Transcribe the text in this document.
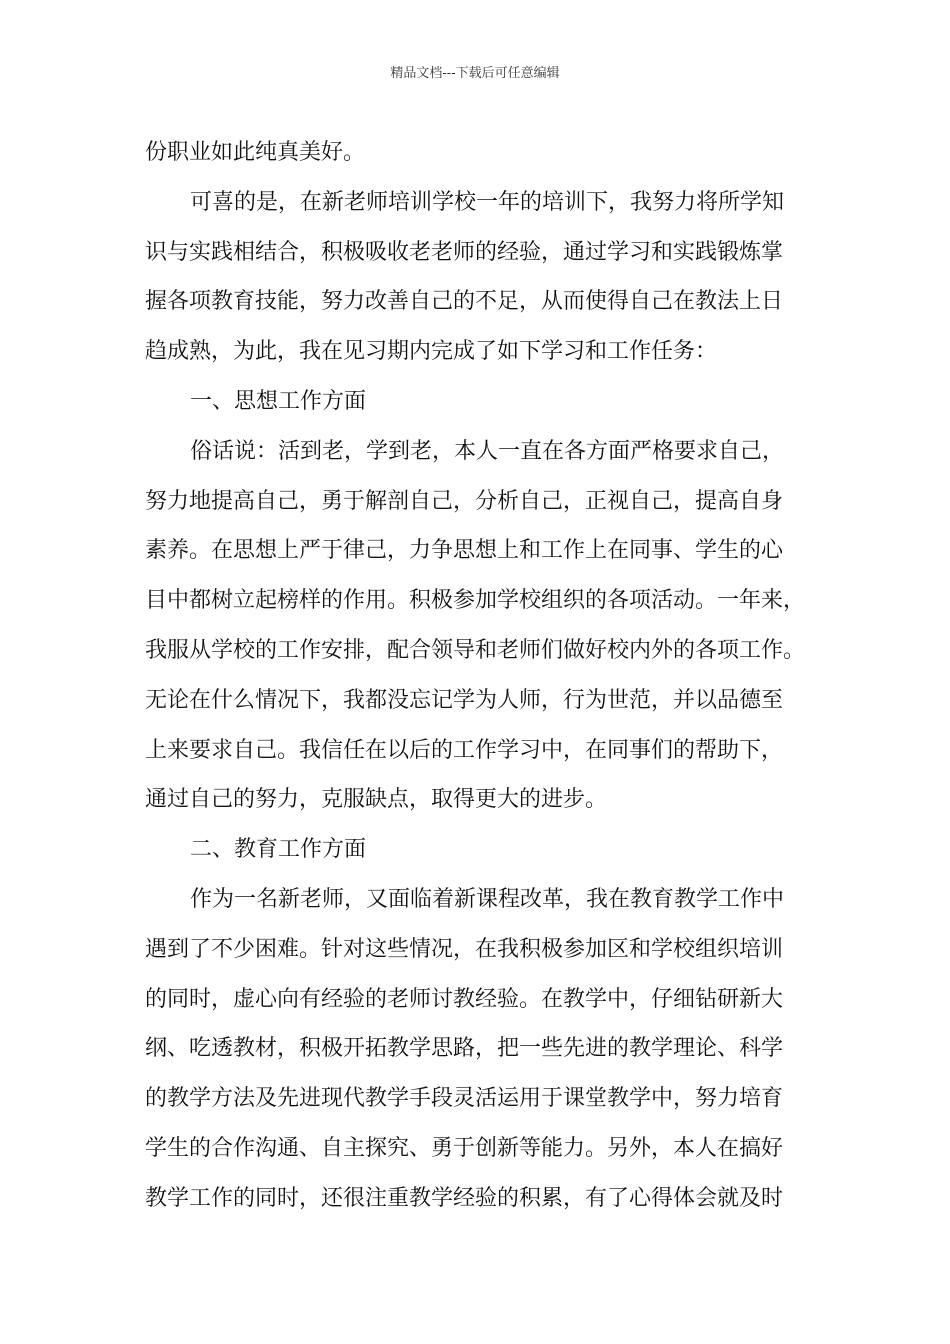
精品文档---下载后可任意编辑
份职业如此纯真美好。
可喜的是，在新老师培训学校一年的培训下，我努力将所学知
识与实践相结合，积极吸收老老师的经验，通过学习和实践锻炼掌
握各项教育技能，努力改善自己的不足，从而使得自己在教法上日
趋成熟，为此，我在见习期内完成了如下学习和工作任务：
一、思想工作方面
俗话说：活到老，学到老，本人一直在各方面严格要求自己，
努力地提高自己，勇于解剖自己，分析自己，正视自己，提高自身
素养。在思想上严于律己，力争思想上和工作上在同事、学生的心
目中都树立起榜样的作用。积极参加学校组织的各项活动。一年来，
我服从学校的工作安排，配合领导和老师们做好校内外的各项工作。
无论在什么情况下，我都没忘记学为人师，行为世范，并以品德至
上来要求自己。我信任在以后的工作学习中，在同事们的帮助下，
通过自己的努力，克服缺点，取得更大的进步。
二、教育工作方面
作为一名新老师，又面临着新课程改革，我在教育教学工作中
遇到了不少困难。针对这些情况，在我积极参加区和学校组织培训
的同时，虚心向有经验的老师讨教经验。在教学中，仔细钻研新大
纲、吃透教材，积极开拓教学思路，把一些先进的教学理论、科学
的教学方法及先进现代教学手段灵活运用于课堂教学中，努力培育
学生的合作沟通、自主探究、勇于创新等能力。另外，本人在搞好
教学工作的同时，还很注重教学经验的积累，有了心得体会就及时
